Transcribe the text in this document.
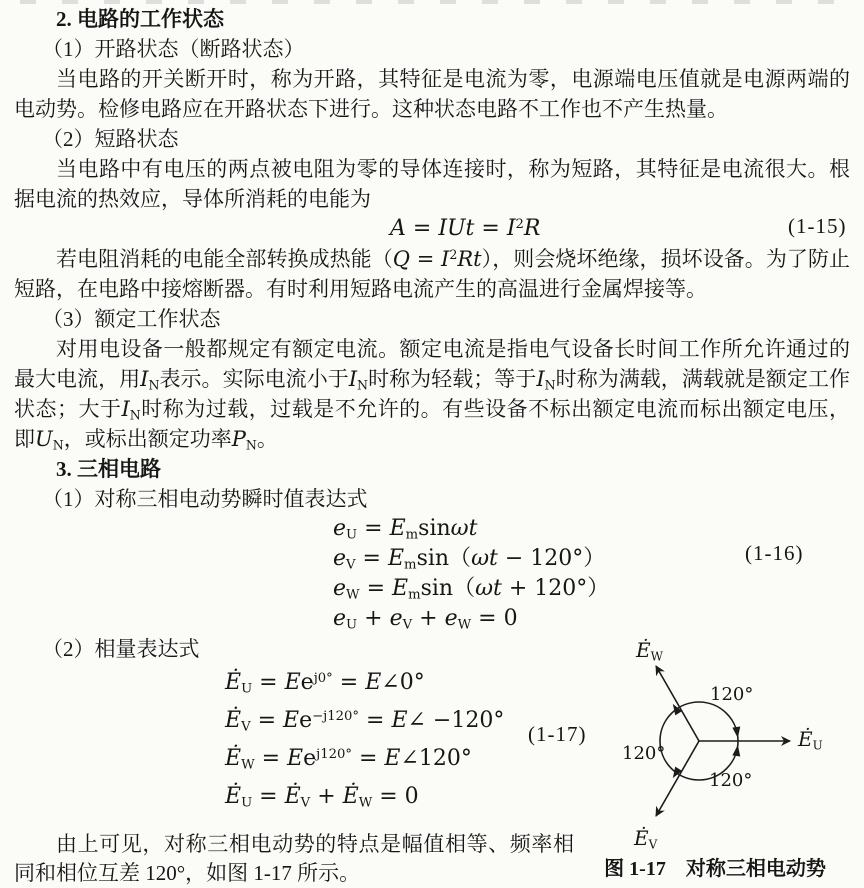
2. 电路的工作状态
（1）开路状态（断路状态）

当电路的开关断开时，称为开路，其特征是电流为零，电源端电压值就是电源两端的电动势。检修电路应在开路状态下进行。这种状态电路不工作也不产生热量。

（2）短路状态

当电路中有电压的两点被电阻为零的导体连接时，称为短路，其特征是电流很大。根据电流的热效应，导体所消耗的电能为

A = IUt = $I^2R$	(1-15)

若电阻消耗的电能全部转换成热能$(Q = I^2Rt)$，则会烧坏绝缘，损坏设备。为了防止短路，在电路中接熔断器。有时利用短路电流产生的高温进行金属焊接等。

（3）额定工作状态

对用电设备一般都规定有额定电流。额定电流是指电气设备长时间工作所允许通过的最大电流，用$I_N$表示。实际电流小于$I_N$时称为轻载；等于$I_N$时称为满载，满载就是额定工作状态；大于$I_N$时称为过载，过载是不允许的。有些设备不标出额定电流而标出额定电压，即$U_N$，或标出额定功率$P_N$。

3. 三相电路
（1）对称三相电动势瞬时值表达式
$e_U = E_m\sin\omega t$
$e_V = E_m\sin(\omega t - 120^\circ)$
$e_W = E_m\sin(\omega t + 120^\circ)$
$e_U + e_V + e_W = 0$
(1-16)
（2）相量表达式
$Ė_U = Ee^{j0^\circ}$ = E∠0°
$Ė_V = Ee^{-j120^\circ}$ = E∠ −120°
$Ė_W = Ee^{j120^\circ}$ = E∠120°
$Ė_U$ = $Ė_V$ + $Ė_W = 0$
(1-17)

由上可见，对称三相电动势的特点是幅值相等、频率相同和相位互差 120°，如图 1-17 所示。

$Ė_W$
$Ė_U$
$Ė_V$
120°
120°
120°
图 1-17　对称三相电动势
